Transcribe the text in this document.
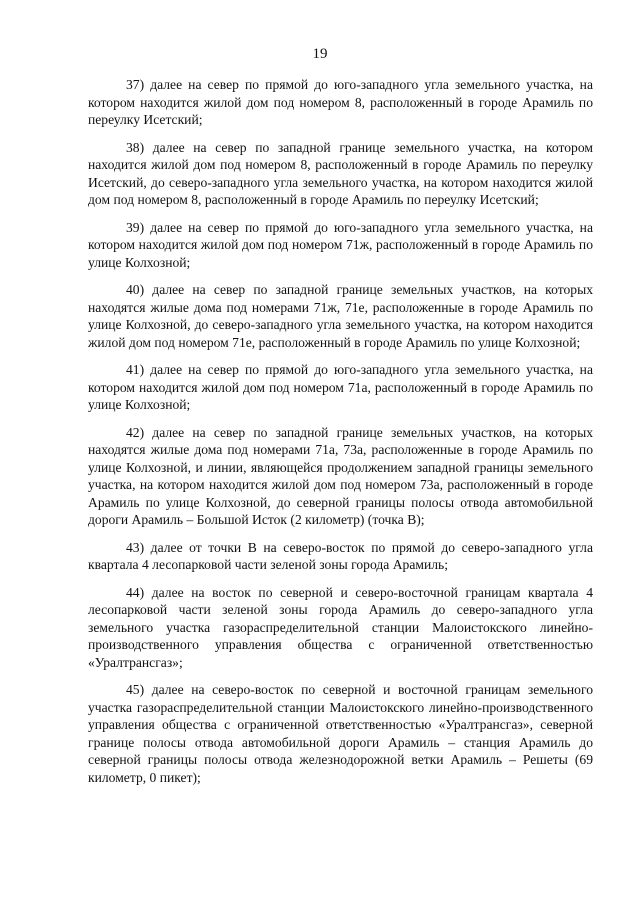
19

37) далее на север по прямой до юго-западного угла земельного участка, на котором находится жилой дом под номером 8, расположенный в городе Арамиль по переулку Исетский;

38) далее на север по западной границе земельного участка, на котором находится жилой дом под номером 8, расположенный в городе Арамиль по переулку Исетский, до северо-западного угла земельного участка, на котором находится жилой дом под номером 8, расположенный в городе Арамиль по переулку Исетский;

39) далее на север по прямой до юго-западного угла земельного участка, на котором находится жилой дом под номером 71ж, расположенный в городе Арамиль по улице Колхозной;

40) далее на север по западной границе земельных участков, на которых находятся жилые дома под номерами 71ж, 71е, расположенные в городе Арамиль по улице Колхозной, до северо-западного угла земельного участка, на котором находится жилой дом под номером 71е, расположенный в городе Арамиль по улице Колхозной;

41) далее на север по прямой до юго-западного угла земельного участка, на котором находится жилой дом под номером 71а, расположенный в городе Арамиль по улице Колхозной;

42) далее на север по западной границе земельных участков, на которых находятся жилые дома под номерами 71а, 73а, расположенные в городе Арамиль по улице Колхозной, и линии, являющейся продолжением западной границы земельного участка, на котором находится жилой дом под номером 73а, расположенный в городе Арамиль по улице Колхозной, до северной границы полосы отвода автомобильной дороги Арамиль – Большой Исток (2 километр) (точка В);

43) далее от точки В на северо-восток по прямой до северо-западного угла квартала 4 лесопарковой части зеленой зоны города Арамиль;

44) далее на восток по северной и северо-восточной границам квартала 4 лесопарковой части зеленой зоны города Арамиль до северо-западного угла земельного участка газораспределительной станции Малоистокского линейно-производственного управления общества с ограниченной ответственностью «Уралтрансгаз»;

45) далее на северо-восток по северной и восточной границам земельного участка газораспределительной станции Малоистокского линейно-производственного управления общества с ограниченной ответственностью «Уралтрансгаз», северной границе полосы отвода автомобильной дороги Арамиль – станция Арамиль до северной границы полосы отвода железнодорожной ветки Арамиль – Решеты (69 километр, 0 пикет);
